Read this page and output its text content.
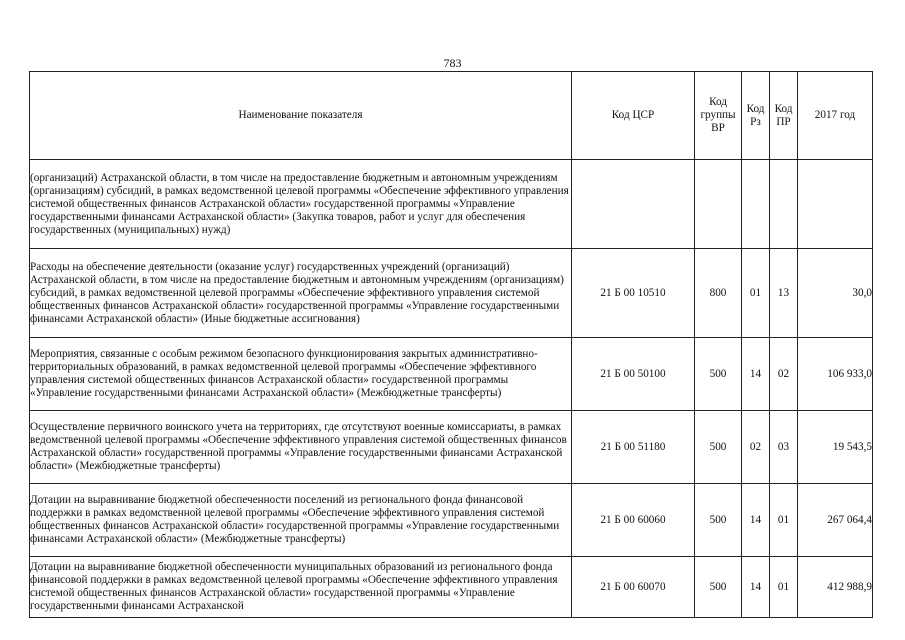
783
Наименование показателя	Код ЦСР	Код группы ВР	Код Рз	Код ПР	2017 год

(организаций) Астраханской области, в том числе на предоставление бюджетным и автономным учреждениям (организациям) субсидий, в рамках ведомственной целевой программы «Обеспечение эффективного управления системой общественных финансов Астраханской области» государственной программы «Управление государственными финансами Астраханской области» (Закупка товаров, работ и услуг для обеспечения государственных (муниципальных) нужд)					

Расходы на обеспечение деятельности (оказание услуг) государственных учреждений (организаций) Астраханской области, в том числе на предоставление бюджетным и автономным учреждениям (организациям) субсидий, в рамках ведомственной целевой программы «Обеспечение эффективного управления системой общественных финансов Астраханской области» государственной программы «Управление государственными финансами Астраханской области» (Иные бюджетные ассигнования)	21 Б 00 10510	800	01	13	30,0

Мероприятия, связанные с особым режимом безопасного функционирования закрытых административно-территориальных образований, в рамках ведомственной целевой программы «Обеспечение эффективного управления системой общественных финансов Астраханской области» государственной программы «Управление государственными финансами Астраханской области» (Межбюджетные трансферты)	21 Б 00 50100	500	14	02	106 933,0

Осуществление первичного воинского учета на территориях, где отсутствуют военные комиссариаты, в рамках ведомственной целевой программы «Обеспечение эффективного управления системой общественных финансов Астраханской области» государственной программы «Управление государственными финансами Астраханской области» (Межбюджетные трансферты)	21 Б 00 51180	500	02	03	19 543,5

Дотации на выравнивание бюджетной обеспеченности поселений из регионального фонда финансовой поддержки в рамках ведомственной целевой программы «Обеспечение эффективного управления системой общественных финансов Астраханской области» государственной программы «Управление государственными финансами Астраханской области» (Межбюджетные трансферты)	21 Б 00 60060	500	14	01	267 064,4

Дотации на выравнивание бюджетной обеспеченности муниципальных образований из регионального фонда финансовой поддержки в рамках ведомственной целевой программы «Обеспечение эффективного управления системой общественных финансов Астраханской области» государственной программы «Управление государственными финансами Астраханской	21 Б 00 60070	500	14	01	412 988,9
